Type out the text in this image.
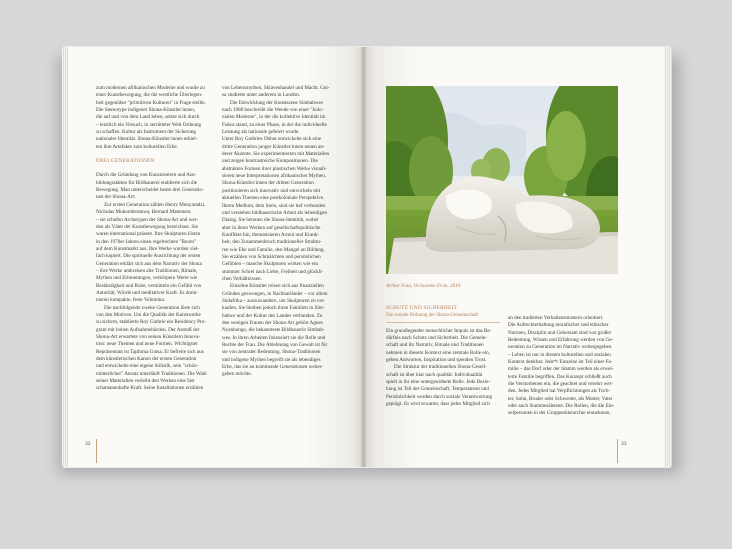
zum modernen afrikanischen Moderne und wurde zu

einer Kunstbewegung, die die westliche Überlegen-

heit gegenüber "primitiven Kulturen" in Frage stellte.

Die Stereotype indigener Shona-Künstler:innen,

die auf und von dem Land leben, setzte sich durch

– letztlich ein Versuch, in zerrütteter Welt Ordnung

zu schaffen. Kultur als Instrument der Sicherung

nationaler Identität. Shona-Künstler:innen erhiel-

ten ihre Artefakte zum kulturellen Erbe.

DREI GENERATIONEN

Durch die Gründung von Kunstzentren und Aus-

bildungsstätten für Bildhauerei etablierte sich die

Bewegung. Man unterscheidet heute drei Generatio-

nen der Shona-Art:

Zur ersten Generation zählen Henry Munyaradzi,

Nicholas Mukomberanwa, Bernard Matemera

– sie schufen Archetypen der Shona-Art und wer-

den als Väter der Kunstbewegung bezeichnet. Sie

waren international präsent. Ihre Skulpturen lösten

in den 1970er Jahren einen regelrechten "Boom"

auf dem Kunstmarkt aus. Ihre Werke wurden viel-

fach kopiert. Die spirituelle Ausrichtung der ersten

Generation erklärt sich aus dem Narrativ der Shona

– ihre Werke umkreisen alte Traditionen, Rituale,

Mythen und Erinnerungen, verkörpern Werte wie

Beständigkeit und Ruhe, vermitteln ein Gefühl von

Autorität, Würde und meditativer Kraft. Es domi-

nieren kompakte, feste Volumina.

Die nachfolgende zweite Generation löste sich

von den Motiven. Um die Qualität der Kunstwerke

zu sichern, etablierte Roy Guthrie ein Residency Pro-

gram mit hohen Aufnahmehürden. Der Anstoß der

Shona-Art erwartete von seinen Künstlern Innova-

tion: neue Themen und neue Formen. Wichtigster

Repräsentant ist Tapfuma Gutsa. Er befreite sich aus

dem künstlerischen Kanon der ersten Generation

und entwickelte eine eigene Stilistik, sein "schön-

mütterlicher" Ansatz unterläuft Traditionen. Die Wahl

seiner Materialien verleiht den Werken eine fast

schamanenhafte Kraft. Seine Installationen erzählen

von Lebensmythen, Sklavenhandel und Macht. Gut-

sa studierte unter anderem in London.

Die Entwicklung der Kunstszene Simbabwes

nach 1980 beschreibt die Wende von einer "kolo-

nialen Moderne", in der die kollektive Identität im

Fokus stand, zu einer Phase, in der die individuelle

Leistung als nationale gefeiert wurde.

Unter Roy Guthries Obhut entwickelte sich eine

dritte Generation junger Künstler:innen neuen an-

derer Akzente. Sie experimentierten mit Materialien

und zeigen kontrastreiche Kompositionen. Die

abstrakten Formen ihrer plastischen Werke visuali-

sieren neue Interpretationen afrikanischer Mythen.

Shona-Künstler:innen der dritten Generation

positionieren sich innovativ und entwickeln mit

aktuellen Themen eine postkoloniale Perspektive.

Ihrem Medium, dem Stein, sind sie tief verbunden

und verstehen bildhauerische Arbeit als lebendigen

Dialog. Sie betonen die Shona-Identität, wobei

aber in ihren Werken auf gesellschaftspolitische

Konflikte hin, thematisieren Armut und Krank-

heit, den Zusammenbruch traditioneller Struktu-

ren wie Ehe und Familie, den Mangel an Bildung.

Sie erzählen von Schmälchten und persönlichen

Gefühlen – manche Skulpturen wirken wie ein

stummer Schrei nach Liebe, Freiheit und glückli-

chen Verhältnissen.

Einzelne Künstler reisen sich aus finanziellen

Gründen gezwungen, in Nachbarländer – vor allem

Südafrika – auszuwandern, um Skulpturen zu ver-

kaufen. Sie bleiben jedoch ihren Familien in Sim-

babwe und der Kultur des Landes verbunden. Zu

den wenigen Frauen der Shona-Art gehört Agnes

Nyanhongo, die bekannteste Bildhauerin Simbab-

wes. In ihren Arbeiten fokussiert sie die Rolle und

Rechte der Frau. Die Ablehnung von Gewalt ist für

sie von zentraler Bedeutung. Shona-Traditionen

und indigene Mythen begreift sie als lebendiges

Erbe, das sie an kommende Generationen weiter-

geben möchte.

32
Arthur Fata, Verlassene Frau, 2010

SCHUTZ UND SICHERHEIT

Die soziale Ordnung der Shona-Gemeinschaft

Ein grundlegender menschlicher Impuls ist das Be-

dürfnis nach Schutz und Sicherheit. Die Gemein-

schaft und ihr Narrativ, Rituale und Traditionen

nehmen in diesem Kontext eine zentrale Rolle ein,

geben Antworten, Inspiration und spenden Trost.

Die Struktur der traditionellen Shona-Gesell-

schaft ist über klar nach qualität: Individualität

spielt in ihr eine untergeordnete Rolle. Jede Bezie-

hung ist Teil der Gemeinschaft, Temperament und

Persönlichkeit werden durch soziale Verantwortung

geprägt. Es wird erwartet, dass jedes Mitglied sich

an den tradierten Verhaltensmustern orientiert.

Die Aufrechterhaltung moralischer und ethischer

Normen, Disziplin und Gehorsam sind von großer

Bedeutung. Wissen und Erfahrung werden von Ge-

neration zu Generation im Narrativ weitergegeben

– Leben ist nur in diesem kulturellen und sozialen

Kontext denkbar. Jede*r Einzelne ist Teil einer Fa-

milie – das Dorf oder der Stamm werden als erwei-

terte Familie begriffen. Das Konzept schließt auch

die Verstorbenen ein, die geachtet und verehrt wer-

den. Jedes Mitglied hat Verpflichtungen als Toch-

ter, Sohn, Bruder oder Schwester, als Mutter, Vater

oder auch Stammesältester. Die Rollen, die die Ein-

zelpersonen in der Gruppenhierarchie einnehmen,

33
